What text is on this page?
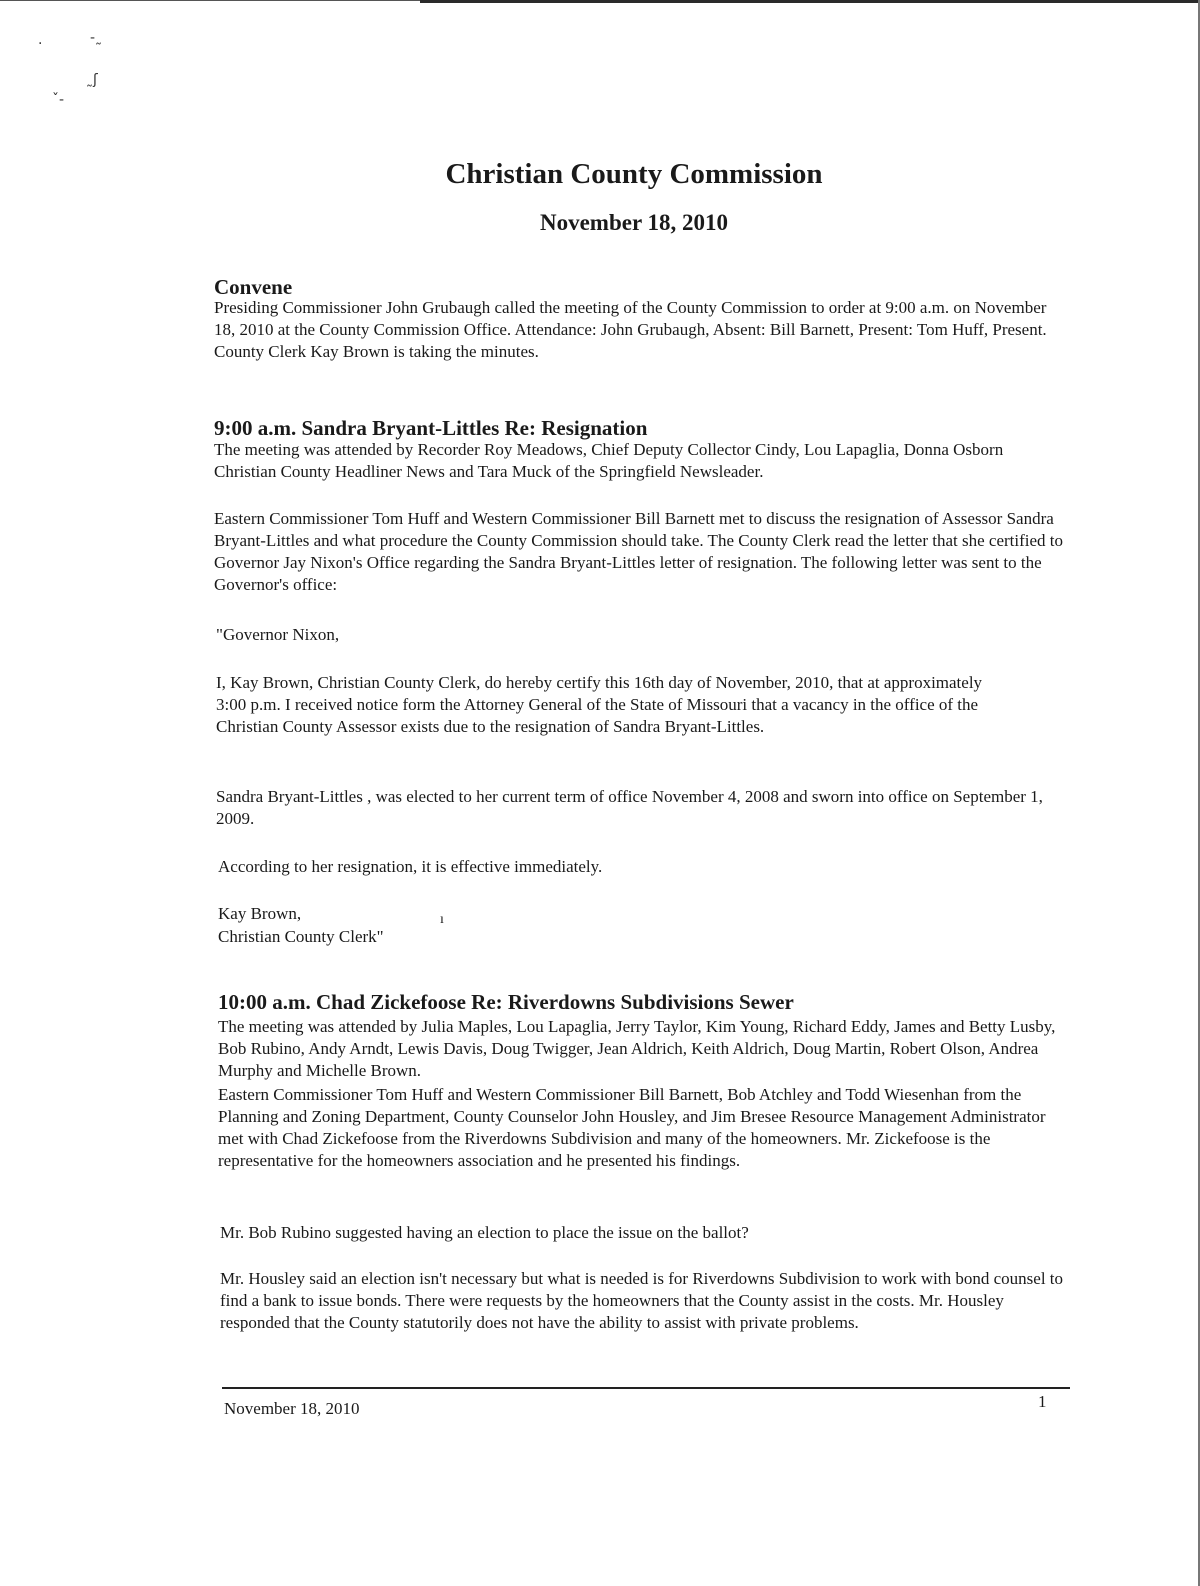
·	‐˷
˷ʃ
ˇ‐
Christian County Commission
November 18, 2010
Convene
Presiding Commissioner John Grubaugh called the meeting of the County Commission to order at 9:00 a.m. on November 18, 2010 at the County Commission Office. Attendance: John Grubaugh, Absent: Bill Barnett, Present: Tom Huff, Present. County Clerk Kay Brown is taking the minutes.
9:00 a.m. Sandra Bryant-Littles Re: Resignation
The meeting was attended by Recorder Roy Meadows, Chief Deputy Collector Cindy, Lou Lapaglia, Donna Osborn Christian County Headliner News and Tara Muck of the Springfield Newsleader.
Eastern Commissioner Tom Huff and Western Commissioner Bill Barnett met to discuss the resignation of Assessor Sandra Bryant-Littles and what procedure the County Commission should take. The County Clerk read the letter that she certified to Governor Jay Nixon's Office regarding the Sandra Bryant-Littles letter of resignation. The following letter was sent to the Governor's office:
"Governor Nixon,
I, Kay Brown, Christian County Clerk, do hereby certify this 16th day of November, 2010, that at approximately 3:00 p.m. I received notice form the Attorney General of the State of Missouri that a vacancy in the office of the Christian County Assessor exists due to the resignation of Sandra Bryant-Littles.
Sandra Bryant-Littles , was elected to her current term of office November 4, 2008 and sworn into office on September 1, 2009.
According to her resignation, it is effective immediately.
Kay Brown,
Christian County Clerk"
ı
10:00 a.m. Chad Zickefoose Re: Riverdowns Subdivisions Sewer
The meeting was attended by Julia Maples, Lou Lapaglia, Jerry Taylor, Kim Young, Richard Eddy, James and Betty Lusby, Bob Rubino, Andy Arndt, Lewis Davis, Doug Twigger, Jean Aldrich, Keith Aldrich, Doug Martin, Robert Olson, Andrea Murphy and Michelle Brown.
Eastern Commissioner Tom Huff and Western Commissioner Bill Barnett, Bob Atchley and Todd Wiesenhan from the Planning and Zoning Department, County Counselor John Housley, and Jim Bresee Resource Management Administrator met with Chad Zickefoose from the Riverdowns Subdivision and many of the homeowners. Mr. Zickefoose is the representative for the homeowners association and he presented his findings.
Mr. Bob Rubino suggested having an election to place the issue on the ballot?
Mr. Housley said an election isn't necessary but what is needed is for Riverdowns Subdivision to work with bond counsel to find a bank to issue bonds. There were requests by the homeowners that the County assist in the costs. Mr. Housley responded that the County statutorily does not have the ability to assist with private problems.
November 18, 2010	1
